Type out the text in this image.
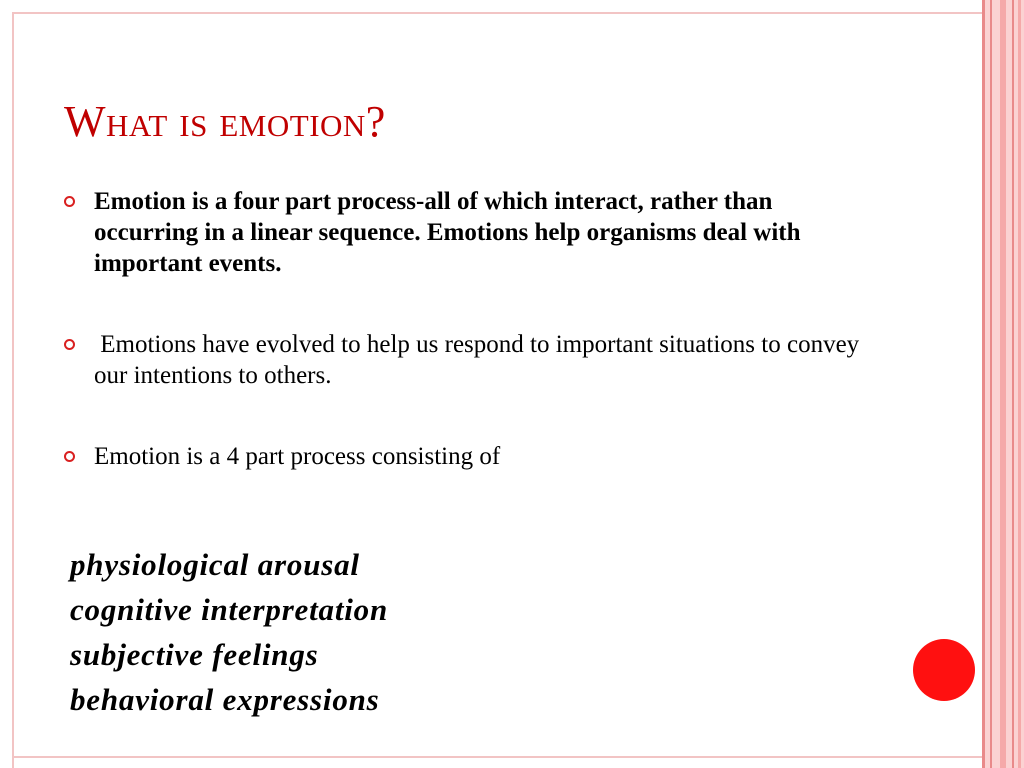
What is emotion?
Emotion is a four part process-all of which interact, rather than occurring in a linear sequence. Emotions help organisms deal with important events.
Emotions have evolved to help us respond to important situations to convey our intentions to others.
Emotion is a 4 part process consisting of
physiological arousal
cognitive interpretation
subjective feelings
behavioral expressions
